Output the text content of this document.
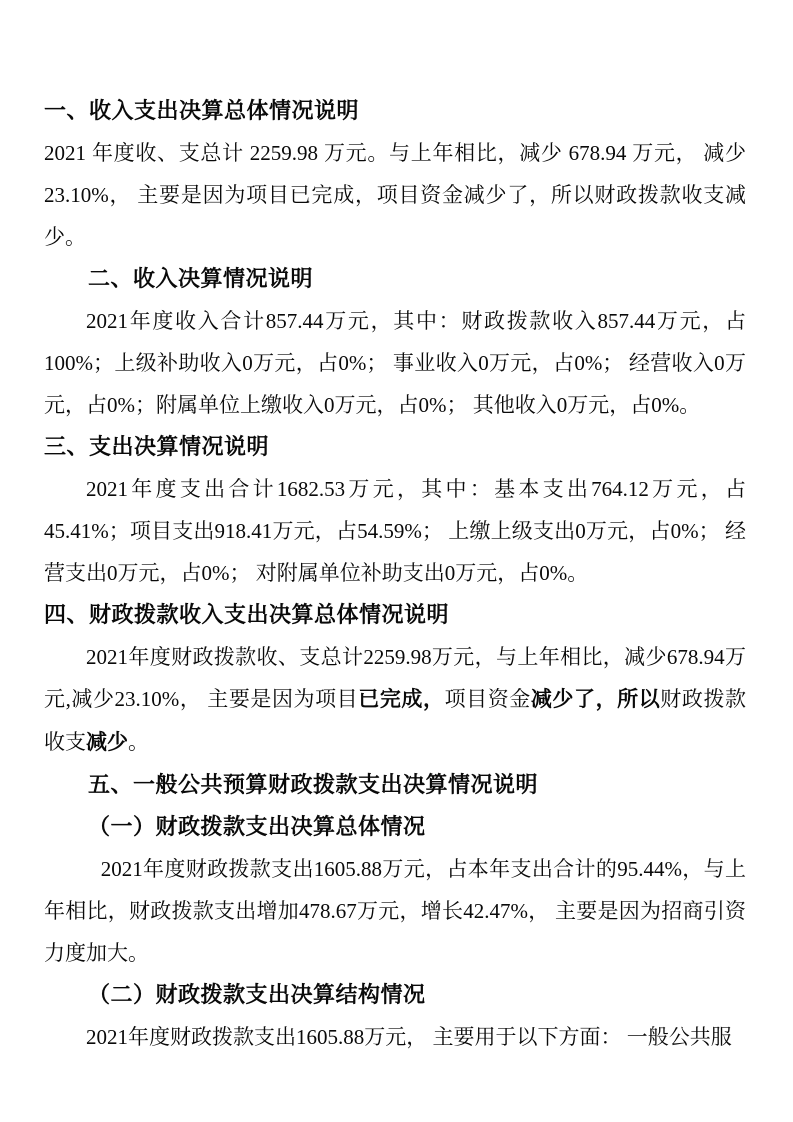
一、收入支出决算总体情况说明

2021 年度收、支总计 2259.98 万元。与上年相比，减少 678.94 万元， 减少 23.10%， 主要是因为项目已完成，项目资金减少了，所以财政拨款收支减少。

二、收入决算情况说明

2021年度收入合计857.44万元，其中：财政拨款收入857.44万元，占100%；上级补助收入0万元，占0%； 事业收入0万元，占0%； 经营收入0万元，占0%；附属单位上缴收入0万元，占0%； 其他收入0万元，占0%。

三、支出决算情况说明

2021年度支出合计1682.53万元，其中：基本支出764.12万元，占45.41%；项目支出918.41万元，占54.59%； 上缴上级支出0万元，占0%； 经营支出0万元，占0%； 对附属单位补助支出0万元，占0%。

四、财政拨款收入支出决算总体情况说明

2021年度财政拨款收、支总计2259.98万元，与上年相比，减少678.94万元,减少23.10%， 主要是因为项目已完成，项目资金减少了，所以财政拨款收支减少。

五、一般公共预算财政拨款支出决算情况说明
（一）财政拨款支出决算总体情况

2021年度财政拨款支出1605.88万元，占本年支出合计的95.44%，与上年相比，财政拨款支出增加478.67万元，增长42.47%， 主要是因为招商引资力度加大。

（二）财政拨款支出决算结构情况

2021年度财政拨款支出1605.88万元， 主要用于以下方面： 一般公共服
